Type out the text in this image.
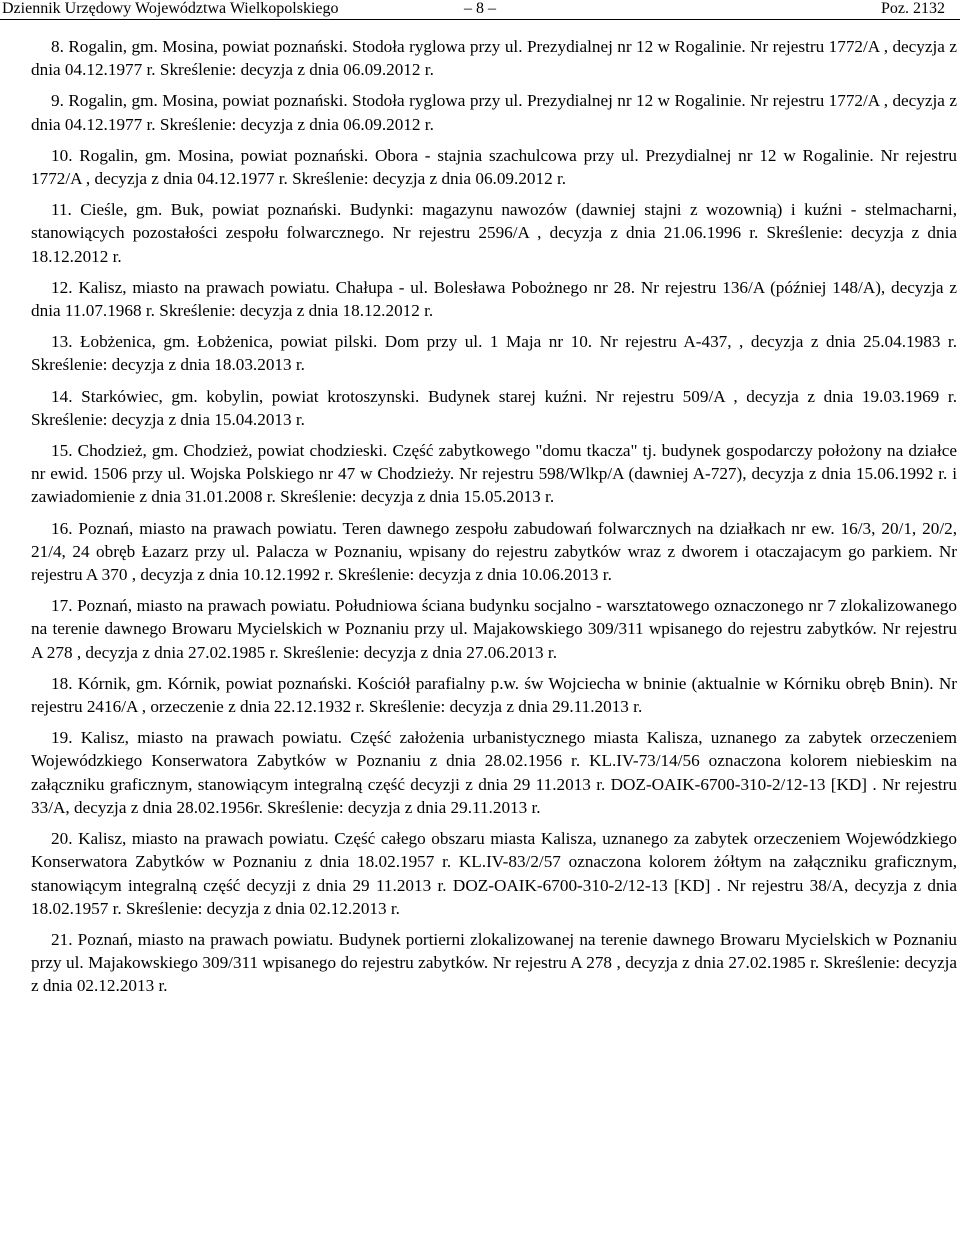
Dziennik Urzędowy Województwa Wielkopolskiego	– 8 –	Poz. 2132

8. Rogalin, gm. Mosina, powiat poznański. Stodoła ryglowa przy ul. Prezydialnej nr 12 w Rogalinie. Nr rejestru 1772/A , decyzja z dnia 04.12.1977 r. Skreślenie: decyzja z dnia 06.09.2012 r.

9. Rogalin, gm. Mosina, powiat poznański. Stodoła ryglowa przy ul. Prezydialnej nr 12 w Rogalinie. Nr rejestru 1772/A , decyzja z dnia 04.12.1977 r. Skreślenie: decyzja z dnia 06.09.2012 r.

10. Rogalin, gm. Mosina, powiat poznański. Obora - stajnia szachulcowa przy ul. Prezydialnej nr 12 w Rogalinie. Nr rejestru 1772/A , decyzja z dnia 04.12.1977 r. Skreślenie: decyzja z dnia 06.09.2012 r.

11. Cieśle, gm. Buk, powiat poznański. Budynki: magazynu nawozów (dawniej stajni z wozownią) i kuźni - stelmacharni, stanowiących pozostałości zespołu folwarcznego. Nr rejestru 2596/A , decyzja z dnia 21.06.1996 r. Skreślenie: decyzja z dnia 18.12.2012 r.

12. Kalisz, miasto na prawach powiatu. Chałupa - ul. Bolesława Pobożnego nr 28. Nr rejestru 136/A (później 148/A), decyzja z dnia 11.07.1968 r. Skreślenie: decyzja z dnia 18.12.2012 r.

13. Łobżenica, gm. Łobżenica, powiat pilski. Dom przy ul. 1 Maja nr 10. Nr rejestru A-437, , decyzja z dnia 25.04.1983 r. Skreślenie: decyzja z dnia 18.03.2013 r.

14. Starkówiec, gm. kobylin, powiat krotoszynski. Budynek starej kuźni. Nr rejestru 509/A , decyzja z dnia 19.03.1969 r. Skreślenie: decyzja z dnia 15.04.2013 r.

15. Chodzież, gm. Chodzież, powiat chodzieski. Część zabytkowego "domu tkacza" tj. budynek gospodarczy położony na działce nr ewid. 1506 przy ul. Wojska Polskiego nr 47 w Chodzieży. Nr rejestru 598/Wlkp/A (dawniej A-727), decyzja z dnia 15.06.1992 r. i zawiadomienie z dnia 31.01.2008 r. Skreślenie: decyzja z dnia 15.05.2013 r.

16. Poznań, miasto na prawach powiatu. Teren dawnego zespołu zabudowań folwarcznych na działkach nr ew. 16/3, 20/1, 20/2, 21/4, 24 obręb Łazarz przy ul. Palacza w Poznaniu, wpisany do rejestru zabytków wraz z dworem i otaczajacym go parkiem. Nr rejestru A 370 , decyzja z dnia 10.12.1992 r. Skreślenie: decyzja z dnia 10.06.2013 r.

17. Poznań, miasto na prawach powiatu. Południowa ściana budynku socjalno - warsztatowego oznaczonego nr 7 zlokalizowanego na terenie dawnego Browaru Mycielskich w Poznaniu przy ul. Majakowskiego 309/311 wpisanego do rejestru zabytków. Nr rejestru A 278 , decyzja z dnia 27.02.1985 r. Skreślenie: decyzja z dnia 27.06.2013 r.

18. Kórnik, gm. Kórnik, powiat poznański. Kościół parafialny p.w. św Wojciecha w bninie (aktualnie w Kórniku obręb Bnin). Nr rejestru 2416/A , orzeczenie z dnia 22.12.1932 r. Skreślenie: decyzja z dnia 29.11.2013 r.

19. Kalisz, miasto na prawach powiatu. Część założenia urbanistycznego miasta Kalisza, uznanego za zabytek orzeczeniem Wojewódzkiego Konserwatora Zabytków w Poznaniu z dnia 28.02.1956 r. KL.IV-73/14/56 oznaczona kolorem niebieskim na załączniku graficznym, stanowiącym integralną część decyzji z dnia 29 11.2013 r. DOZ-OAIK-6700-310-2/12-13 [KD] . Nr rejestru 33/A, decyzja z dnia 28.02.1956r. Skreślenie: decyzja z dnia 29.11.2013 r.

20. Kalisz, miasto na prawach powiatu. Część całego obszaru miasta Kalisza, uznanego za zabytek orzeczeniem Wojewódzkiego Konserwatora Zabytków w Poznaniu z dnia 18.02.1957 r. KL.IV-83/2/57 oznaczona kolorem żółtym na załączniku graficznym, stanowiącym integralną część decyzji z dnia 29 11.2013 r. DOZ-OAIK-6700-310-2/12-13 [KD] . Nr rejestru 38/A, decyzja z dnia 18.02.1957 r. Skreślenie: decyzja z dnia 02.12.2013 r.

21. Poznań, miasto na prawach powiatu. Budynek portierni zlokalizowanej na terenie dawnego Browaru Mycielskich w Poznaniu przy ul. Majakowskiego 309/311 wpisanego do rejestru zabytków. Nr rejestru A 278 , decyzja z dnia 27.02.1985 r. Skreślenie: decyzja z dnia 02.12.2013 r.
